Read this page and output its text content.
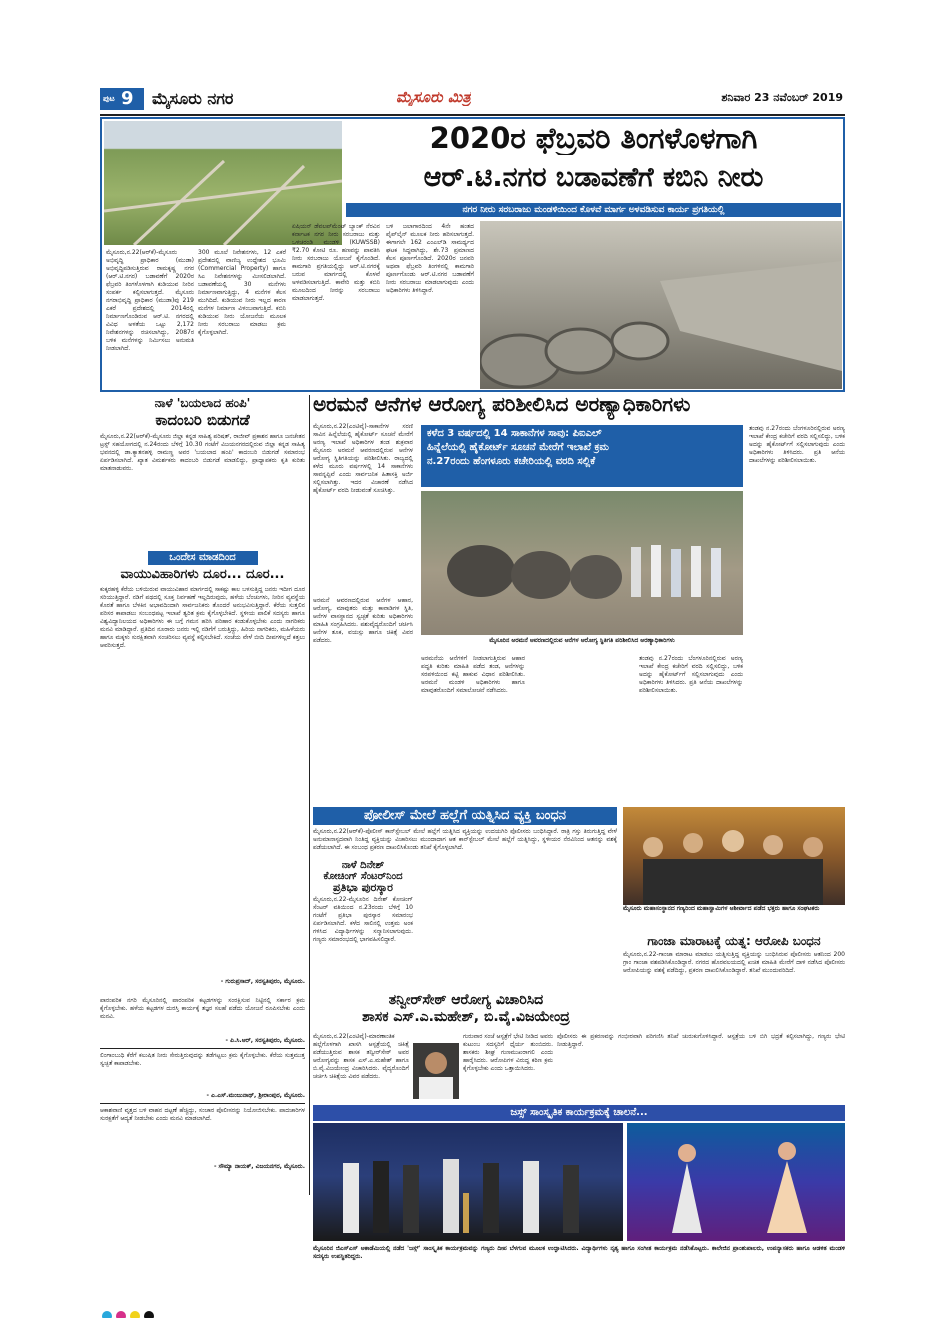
ಪುಟ 9 ಮೈಸೂರು ನಗರ	ಮೈಸೂರು ಮಿತ್ರ	ಶನಿವಾರ 23 ನವೆಂಬರ್ 2019
2020ರ ಫೆಬ್ರವರಿ ತಿಂಗಳೊಳಗಾಗಿ
ಆರ್.ಟಿ.ನಗರ ಬಡಾವಣೆಗೆ ಕಬಿನಿ ನೀರು
ನಗರ ನೀರು ಸರಬರಾಜು ಮಂಡಳಿಯಿಂದ ಕೊಳವೆ ಮಾರ್ಗ ಅಳವಡಿಸುವ ಕಾರ್ಯ ಪ್ರಗತಿಯಲ್ಲಿ
ಮೈಸೂರು,ನ.22(ಆರ್‌ಕೆ)-ಮೈಸೂರು ಅಭಿವೃದ್ಧಿ ಪ್ರಾಧಿಕಾರ (ಮುಡಾ) ಅಭಿವೃದ್ಧಿಪಡಿಸುತ್ತಿರುವ ರಾಮಕೃಷ್ಣ ನಗರ (ಆರ್.ಟಿ.ನಗರ) ಬಡಾವಣೆಗೆ 2020ರ ಫೆಬ್ರವರಿ ತಿಂಗಳೊಳಗಾಗಿ ಕುಡಿಯುವ ನೀರಿನ ಸಂಪರ್ಕ ಕಲ್ಪಿಸಲಾಗುತ್ತದೆ. ಮೈಸೂರು ನಗರಾಭಿವೃದ್ಧಿ ಪ್ರಾಧಿಕಾರ (ಮುಡಾ)ವು 219 ಎಕರೆ ಪ್ರದೇಶದಲ್ಲಿ 2014ರಲ್ಲಿ ನಿರ್ಮಾಣಗೊಂಡಿರುವ ಆರ್.ಟಿ. ನಗರದಲ್ಲಿ ವಿವಿಧ ಅಳತೆಯ ಒಟ್ಟು 2,172 ನಿವೇಶನಗಳನ್ನು ರಚಿಸಲಾಗಿದ್ದು, 2087ರ ಬಳಿಕ ಮನೆಗಳನ್ನು ನಿರ್ಮಿಸಲು ಅನುಮತಿ ನೀಡಲಾಗಿದೆ.
300 ಮೂಲೆ ನಿವೇಶನಗಳು, 12 ಎಕರೆ ಪ್ರದೇಶದಲ್ಲಿ ವಾಣಿಜ್ಯ ಉದ್ದೇಶದ ಭೂಮಿ (Commercial Property) ಹಾಗೂ ಸಿಎ ನಿವೇಶನಗಳನ್ನು ಮೀಸಲಿಡಲಾಗಿದೆ. ಬಡಾವಣೆಯಲ್ಲಿ 30 ಮನೆಗಳು ನಿರ್ಮಾಣವಾಗುತ್ತಿದ್ದು, 4 ಮನೆಗಳ ಕೆಲಸ ಮುಗಿದಿದೆ. ಕುಡಿಯುವ ನೀರು ಇಲ್ಲದ ಕಾರಣ ಮನೆಗಳ ನಿರ್ಮಾಣ ವಿಳಂಬವಾಗುತ್ತಿದೆ. ಕಬಿನಿ ಕುಡಿಯುವ ನೀರು ಯೋಜನೆಯ ಮೂಲಕ ನೀರು ಸರಬರಾಜು ಮಾಡಲು ಕ್ರಮ ಕೈಗೊಳ್ಳಲಾಗಿದೆ.
ಏಷಿಯನ್ ಡೆವಲಪ್‌ಮೆಂಟ್ ಬ್ಯಾಂಕ್ ನೆರವಿನ ಕರ್ನಾಟಕ ನಗರ ನೀರು ಸರಬರಾಜು ಮತ್ತು ಒಳಚರಂಡಿ ಮಂಡಳಿ (KUWSSB) ₹2.70 ಕೋಟಿ ರೂ. ಹಣವನ್ನು ಪಾವತಿಸಿ ನೀರು ಸರಬರಾಜು ಯೋಜನೆ ಕೈಗೊಂಡಿದೆ. ಕಾಮಗಾರಿ ಪ್ರಗತಿಯಲ್ಲಿದ್ದು ಆರ್.ಟಿ.ನಗರಕ್ಕೆ ಬರುವ ಮಾರ್ಗದಲ್ಲಿ ಕೊಳವೆ ಅಳವಡಿಸಲಾಗುತ್ತಿದೆ. ಕಾವೇರಿ ಮತ್ತು ಕಬಿನಿ ಮೂಲದಿಂದ ನೀರನ್ನು ಸರಬರಾಜು ಮಾಡಲಾಗುತ್ತದೆ.
ಬಳಿ ಜಲಾಗಾರದಿಂದ 4ನೇ ಹಂತದ ಪೈಪ್‌ಲೈನ್ ಮೂಲಕ ನೀರು ಹರಿಸಲಾಗುತ್ತದೆ. ಈಗಾಗಲೇ 162 ಎಂಎಲ್‌ಡಿ ಸಾಮರ್ಥ್ಯದ ಘಟಕ ಸಿದ್ಧವಾಗಿದ್ದು, ಶೇ.73 ಪ್ರಮಾಣದ ಕೆಲಸ ಪೂರ್ಣಗೊಂಡಿದೆ. 2020ರ ಜನವರಿ ಅಥವಾ ಫೆಬ್ರವರಿ ತಿಂಗಳಿನಲ್ಲಿ ಕಾಮಗಾರಿ ಪೂರ್ಣಗೊಂಡು ಆರ್.ಟಿ.ನಗರ ಬಡಾವಣೆಗೆ ನೀರು ಸರಬರಾಜು ಮಾಡಲಾಗುವುದು ಎಂದು ಅಧಿಕಾರಿಗಳು ತಿಳಿಸಿದ್ದಾರೆ.
ನಾಳೆ 'ಬಯಲಾದ ಹಂಪಿ'
ಕಾದಂಬರಿ ಬಿಡುಗಡೆ
ಮೈಸೂರು,ನ.22(ಆರ್‌ಕೆ)-ಮೈಸೂರು ಜಿಲ್ಲಾ ಕನ್ನಡ ಸಾಹಿತ್ಯ ಪರಿಷತ್, ರಾಜೀವ್ ಪ್ರಕಾಶನ ಹಾಗೂ ಜನಚೇತನ ಟ್ರಸ್ಟ್ ಸಹಯೋಗದಲ್ಲಿ ನ.24ರಂದು ಬೆಳಿಗ್ಗೆ 10.30 ಗಂಟೆಗೆ ವಿಜಯನಗರದಲ್ಲಿರುವ ಜಿಲ್ಲಾ ಕನ್ನಡ ಸಾಹಿತ್ಯ ಭವನದಲ್ಲಿ ಡಾ.ಕ್ಯಾತನಹಳ್ಳಿ ರಾಮಣ್ಣ ಅವರ 'ಬಯಲಾದ ಹಂಪಿ' ಕಾದಂಬರಿ ಬಿಡುಗಡೆ ಸಮಾರಂಭ ಏರ್ಪಡಿಸಲಾಗಿದೆ. ಖ್ಯಾತ ವಿಮರ್ಶಕರು ಕಾದಂಬರಿ ಬಿಡುಗಡೆ ಮಾಡಲಿದ್ದು, ಪ್ರಾಧ್ಯಾಪಕರು ಕೃತಿ ಕುರಿತು ಮಾತನಾಡುವರು.
ಒಂದೇಸ ಮಾಡದಿಂದ
ವಾಯುವಿಹಾರಿಗಳು ದೂರ... ದೂರ...
ಕುಕ್ಕರಹಳ್ಳಿ ಕೆರೆಯ ಬಳಿಯಿರುವ ವಾಯುವಿಹಾರ ಮಾರ್ಗದಲ್ಲಿ ಸಾಕಷ್ಟು ಕಾಲ ಬಳಸುತ್ತಿದ್ದ ಜನರು ಇದೀಗ ದೂರ ಸರಿಯುತ್ತಿದ್ದಾರೆ. ನಡಿಗೆ ಪಥದಲ್ಲಿ ಸೂಕ್ತ ನಿರ್ವಹಣೆ ಇಲ್ಲದಿರುವುದು, ಹಳೆಯ ಬೆಂಚುಗಳು, ನೀರಿನ ವ್ಯವಸ್ಥೆಯ ಕೊರತೆ ಹಾಗೂ ಬೆಳಕಿನ ಅಭಾವದಿಂದಾಗಿ ಸಾರ್ವಜನಿಕರು ತೊಂದರೆ ಅನುಭವಿಸುತ್ತಿದ್ದಾರೆ. ಕೆರೆಯ ಸುತ್ತಲಿನ ಪರಿಸರ ಕಾಪಾಡಲು ಸಂಬಂಧಪಟ್ಟ ಇಲಾಖೆ ತ್ವರಿತ ಕ್ರಮ ಕೈಗೊಳ್ಳಬೇಕಿದೆ. ಸ್ಥಳೀಯ ಪಾಲಿಕೆ ಸದಸ್ಯರು ಹಾಗೂ ವಿಶ್ವವಿದ್ಯಾನಿಲಯದ ಅಧಿಕಾರಿಗಳು ಈ ಬಗ್ಗೆ ಗಮನ ಹರಿಸಿ ಪರಿಹಾರ ಕಂಡುಕೊಳ್ಳಬೇಕು ಎಂದು ನಾಗರಿಕರು ಮನವಿ ಮಾಡಿದ್ದಾರೆ. ಪ್ರತಿದಿನ ನೂರಾರು ಜನರು ಇಲ್ಲಿ ನಡಿಗೆಗೆ ಬರುತ್ತಿದ್ದು, ಹಿರಿಯ ನಾಗರಿಕರು, ಮಹಿಳೆಯರು ಹಾಗೂ ಮಕ್ಕಳು ಸುರಕ್ಷಿತವಾಗಿ ಸಂಚರಿಸಲು ವ್ಯವಸ್ಥೆ ಕಲ್ಪಿಸಬೇಕಿದೆ. ಸಂಜೆಯ ವೇಳೆ ಬೀದಿ ದೀಪಗಳಿಲ್ಲದೆ ಕತ್ತಲು ಆವರಿಸುತ್ತದೆ.
- ಗುರುಪ್ರಸಾದ್, ಸರಸ್ವತಿಪುರಂ, ಮೈಸೂರು.
ಪಾರಂಪರಿಕ ನಗರಿ ಮೈಸೂರಿನಲ್ಲಿ ಪಾರಂಪರಿಕ ಕಟ್ಟಡಗಳನ್ನು ಸಂರಕ್ಷಿಸುವ ನಿಟ್ಟಿನಲ್ಲಿ ಸರ್ಕಾರ ಕ್ರಮ ಕೈಗೊಳ್ಳಬೇಕು. ಹಳೆಯ ಕಟ್ಟಡಗಳ ದುರಸ್ತಿ ಕಾರ್ಯಕ್ಕೆ ತಜ್ಞರ ಸಲಹೆ ಪಡೆದು ಯೋಜನೆ ರೂಪಿಸಬೇಕು ಎಂದು ಮನವಿ.
- ಪಿ.ಸಿ.ಆರ್, ಸರಸ್ವತಿಪುರಂ, ಮೈಸೂರು.
ಲಿಂಗಾಂಬುಧಿ ಕೆರೆಗೆ ಕಲುಷಿತ ನೀರು ಸೇರುತ್ತಿರುವುದನ್ನು ತಡೆಗಟ್ಟಲು ಕ್ರಮ ಕೈಗೊಳ್ಳಬೇಕು. ಕೆರೆಯ ಸುತ್ತಮುತ್ತ ಸ್ವಚ್ಛತೆ ಕಾಪಾಡಬೇಕು.
- ಎ.ಎಸ್.ಮಂಜುನಾಥ್, ಶ್ರೀರಾಂಪುರ, ಮೈಸೂರು.
ಆಕಾಶವಾಣಿ ವೃತ್ತದ ಬಳಿ ವಾಹನ ದಟ್ಟಣೆ ಹೆಚ್ಚಿದ್ದು, ಸಂಚಾರ ಪೊಲೀಸರನ್ನು ನಿಯೋಜಿಸಬೇಕು. ಪಾದಚಾರಿಗಳ ಸುರಕ್ಷತೆಗೆ ಆದ್ಯತೆ ನೀಡಬೇಕು ಎಂದು ಮನವಿ ಮಾಡಲಾಗಿದೆ.
- ಸೌಮ್ಯಾ ನಾಯಕ್, ವಿಜಯನಗರ, ಮೈಸೂರು.
ಅರಮನೆ ಆನೆಗಳ ಆರೋಗ್ಯ ಪರಿಶೀಲಿಸಿದ ಅರಣ್ಯಾಧಿಕಾರಿಗಳು
ಮೈಸೂರು,ನ.22(ಎಂಟಿವೈ)-ಸಾಕಾನೆಗಳ ಸರಣಿ ಸಾವಿನ ಹಿನ್ನೆಲೆಯಲ್ಲಿ ಹೈಕೋರ್ಟ್ ಸೂಚನೆ ಮೇರೆಗೆ ಅರಣ್ಯ ಇಲಾಖೆ ಅಧಿಕಾರಿಗಳ ತಂಡ ಶುಕ್ರವಾರ ಮೈಸೂರು ಅರಮನೆ ಆವರಣದಲ್ಲಿರುವ ಆನೆಗಳ ಆರೋಗ್ಯ ಸ್ಥಿತಿಗತಿಯನ್ನು ಪರಿಶೀಲಿಸಿತು. ರಾಜ್ಯದಲ್ಲಿ ಕಳೆದ ಮೂರು ವರ್ಷಗಳಲ್ಲಿ 14 ಸಾಕಾನೆಗಳು ಸಾವನ್ನಪ್ಪಿವೆ ಎಂದು ಸಾರ್ವಜನಿಕ ಹಿತಾಸಕ್ತಿ ಅರ್ಜಿ ಸಲ್ಲಿಸಲಾಗಿತ್ತು. ಇದರ ವಿಚಾರಣೆ ನಡೆಸಿದ ಹೈಕೋರ್ಟ್ ವರದಿ ನೀಡುವಂತೆ ಸೂಚಿಸಿತ್ತು.
ಕಳೆದ 3 ವರ್ಷದಲ್ಲಿ 14 ಸಾಕಾನೆಗಳ ಸಾವು: ಪಿಐಎಲ್
ಹಿನ್ನೆಲೆಯಲ್ಲಿ ಹೈಕೋರ್ಟ್ ಸೂಚನೆ ಮೇರೆಗೆ ಇಲಾಖೆ ಕ್ರಮ
ನ.27ರಂದು ಹೆಂಗಳೂರು ಕಚೇರಿಯಲ್ಲಿ ವರದಿ ಸಲ್ಲಿಕೆ
ಮೈಸೂರಿನ ಅರಮನೆ ಆವರಣದಲ್ಲಿರುವ ಆನೆಗಳ ಆರೋಗ್ಯ ಸ್ಥಿತಿಗತಿ ಪರಿಶೀಲಿಸಿದ ಅರಣ್ಯಾಧಿಕಾರಿಗಳು
ಅರಮನೆ ಆವರಣದಲ್ಲಿರುವ ಆನೆಗಳ ಆಹಾರ, ಆರೋಗ್ಯ, ಮಾವುತರು ಮತ್ತು ಕಾವಾಡಿಗಳ ಸ್ಥಿತಿ, ಆನೆಗಳ ವಾಸಸ್ಥಾನದ ಸ್ವಚ್ಛತೆ ಕುರಿತು ಅಧಿಕಾರಿಗಳು ಮಾಹಿತಿ ಸಂಗ್ರಹಿಸಿದರು. ಪಶುವೈದ್ಯರೊಂದಿಗೆ ಚರ್ಚಿಸಿ ಆನೆಗಳ ತೂಕ, ವಯಸ್ಸು ಹಾಗೂ ಚಿಕಿತ್ಸೆ ವಿವರ ಪಡೆದರು.
ಅರಮನೆಯ ಆನೆಗಳಿಗೆ ನೀಡಲಾಗುತ್ತಿರುವ ಆಹಾರ ಪದ್ಧತಿ ಕುರಿತು ಮಾಹಿತಿ ಪಡೆದ ತಂಡ, ಆನೆಗಳನ್ನು ಸರಪಳಿಯಿಂದ ಕಟ್ಟಿ ಹಾಕುವ ವಿಧಾನ ಪರಿಶೀಲಿಸಿತು. ಅರಮನೆ ಮಂಡಳಿ ಅಧಿಕಾರಿಗಳು ಹಾಗೂ ಮಾವುತರೊಂದಿಗೆ ಸಮಾಲೋಚನೆ ನಡೆಸಿದರು.
ತಂಡವು ನ.27ರಂದು ಬೆಂಗಳೂರಿನಲ್ಲಿರುವ ಅರಣ್ಯ ಇಲಾಖೆ ಕೇಂದ್ರ ಕಚೇರಿಗೆ ವರದಿ ಸಲ್ಲಿಸಲಿದ್ದು, ಬಳಿಕ ಅದನ್ನು ಹೈಕೋರ್ಟ್‌ಗೆ ಸಲ್ಲಿಸಲಾಗುವುದು ಎಂದು ಅಧಿಕಾರಿಗಳು ತಿಳಿಸಿದರು. ಪ್ರತಿ ಆನೆಯ ದಾಖಲೆಗಳನ್ನು ಪರಿಶೀಲಿಸಲಾಯಿತು.
ತಂಡವು ನ.27ರಂದು ಬೆಂಗಳೂರಿನಲ್ಲಿರುವ ಅರಣ್ಯ ಇಲಾಖೆ ಕೇಂದ್ರ ಕಚೇರಿಗೆ ವರದಿ ಸಲ್ಲಿಸಲಿದ್ದು, ಬಳಿಕ ಅದನ್ನು ಹೈಕೋರ್ಟ್‌ಗೆ ಸಲ್ಲಿಸಲಾಗುವುದು ಎಂದು ಅಧಿಕಾರಿಗಳು ತಿಳಿಸಿದರು. ಪ್ರತಿ ಆನೆಯ ದಾಖಲೆಗಳನ್ನು ಪರಿಶೀಲಿಸಲಾಯಿತು.
ಪೋಲೀಸ್ ಮೇಲೆ ಹಲ್ಲೆಗೆ ಯತ್ನಿಸಿದ ವ್ಯಕ್ತಿ ಬಂಧನ
ಮೈಸೂರು,ನ.22(ಆರ್‌ಕೆ)-ಪೊಲೀಸ್ ಕಾನ್‌ಸ್ಟೇಬಲ್ ಮೇಲೆ ಹಲ್ಲೆಗೆ ಯತ್ನಿಸಿದ ವ್ಯಕ್ತಿಯನ್ನು ಉದಯಗಿರಿ ಪೊಲೀಸರು ಬಂಧಿಸಿದ್ದಾರೆ. ರಾತ್ರಿ ಗಸ್ತು ತಿರುಗುತ್ತಿದ್ದ ವೇಳೆ ಅನುಮಾನಾಸ್ಪದವಾಗಿ ನಿಂತಿದ್ದ ವ್ಯಕ್ತಿಯನ್ನು ವಿಚಾರಿಸಲು ಮುಂದಾದಾಗ ಆತ ಕಾನ್‌ಸ್ಟೇಬಲ್ ಮೇಲೆ ಹಲ್ಲೆಗೆ ಯತ್ನಿಸಿದ್ದು, ಸ್ಥಳೀಯರ ನೆರವಿನಿಂದ ಆತನನ್ನು ವಶಕ್ಕೆ ಪಡೆಯಲಾಗಿದೆ. ಈ ಸಂಬಂಧ ಪ್ರಕರಣ ದಾಖಲಿಸಿಕೊಂಡು ತನಿಖೆ ಕೈಗೊಳ್ಳಲಾಗಿದೆ.
ನಾಳೆ ದಿನೇಶ್
ಕೋಚಿಂಗ್ ಸೆಂಟರ್‌ನಿಂದ
ಪ್ರತಿಭಾ ಪುರಸ್ಕಾರ
ಮೈಸೂರು,ನ.22-ಮೈಸೂರಿನ ದಿನೇಶ್ ಕೋಚಿಂಗ್ ಸೆಂಟರ್ ವತಿಯಿಂದ ನ.23ರಂದು ಬೆಳಿಗ್ಗೆ 10 ಗಂಟೆಗೆ ಪ್ರತಿಭಾ ಪುರಸ್ಕಾರ ಸಮಾರಂಭ ಏರ್ಪಡಿಸಲಾಗಿದೆ. ಕಳೆದ ಸಾಲಿನಲ್ಲಿ ಉತ್ತಮ ಅಂಕ ಗಳಿಸಿದ ವಿದ್ಯಾರ್ಥಿಗಳನ್ನು ಸನ್ಮಾನಿಸಲಾಗುವುದು. ಗಣ್ಯರು ಸಮಾರಂಭದಲ್ಲಿ ಭಾಗವಹಿಸಲಿದ್ದಾರೆ.
ಮೈಸೂರು ಮಹಾಸಂಸ್ಥಾನದ ಗಣ್ಯರಿಂದ ಮಹಾಸ್ವಾಮಿಗಳ ಆಶೀರ್ವಾದ ಪಡೆದ ಭಕ್ತರು ಹಾಗೂ ಸಂಘಟಕರು
ಗಾಂಜಾ ಮಾರಾಟಕ್ಕೆ ಯತ್ನ: ಆರೋಪಿ ಬಂಧನ
ಮೈಸೂರು,ನ.22-ಗಾಂಜಾ ಮಾರಾಟ ಮಾಡಲು ಯತ್ನಿಸುತ್ತಿದ್ದ ವ್ಯಕ್ತಿಯನ್ನು ಬಂಧಿಸಿರುವ ಪೊಲೀಸರು ಆತನಿಂದ 200 ಗ್ರಾಂ ಗಾಂಜಾ ವಶಪಡಿಸಿಕೊಂಡಿದ್ದಾರೆ. ನಗರದ ಹೊರವಲಯದಲ್ಲಿ ಖಚಿತ ಮಾಹಿತಿ ಮೇರೆಗೆ ದಾಳಿ ನಡೆಸಿದ ಪೊಲೀಸರು ಆರೋಪಿಯನ್ನು ವಶಕ್ಕೆ ಪಡೆದಿದ್ದು, ಪ್ರಕರಣ ದಾಖಲಿಸಿಕೊಂಡಿದ್ದಾರೆ. ತನಿಖೆ ಮುಂದುವರಿದಿದೆ.
ತನ್ವೀರ್‌ಸೇಠ್ ಆರೋಗ್ಯ ವಿಚಾರಿಸಿದ
ಶಾಸಕ ಎಸ್.ಎ.ಮಹೇಶ್, ಬಿ.ವೈ.ವಿಜಯೇಂದ್ರ
ಮೈಸೂರು,ನ.22(ಎಂಟಿವೈ)-ಮಾರಣಾಂತಿಕ ಹಲ್ಲೆಗೊಳಗಾಗಿ ಖಾಸಗಿ ಆಸ್ಪತ್ರೆಯಲ್ಲಿ ಚಿಕಿತ್ಸೆ ಪಡೆಯುತ್ತಿರುವ ಶಾಸಕ ತನ್ವೀರ್‌ಸೇಠ್ ಅವರ ಆರೋಗ್ಯವನ್ನು ಶಾಸಕ ಎಸ್.ಎ.ಮಹೇಶ್ ಹಾಗೂ ಬಿ.ವೈ.ವಿಜಯೇಂದ್ರ ವಿಚಾರಿಸಿದರು. ವೈದ್ಯರೊಂದಿಗೆ ಚರ್ಚಿಸಿ ಚಿಕಿತ್ಸೆಯ ವಿವರ ಪಡೆದರು.
ಗುರುವಾರ ಸಂಜೆ ಆಸ್ಪತ್ರೆಗೆ ಭೇಟಿ ನೀಡಿದ ಅವರು ಕುಟುಂಬ ಸದಸ್ಯರಿಗೆ ಧೈರ್ಯ ತುಂಬಿದರು. ಶಾಸಕರು ಶೀಘ್ರ ಗುಣಮುಖರಾಗಲಿ ಎಂದು ಹಾರೈಸಿದರು. ಆರೋಪಿಗಳ ವಿರುದ್ಧ ಕಠಿಣ ಕ್ರಮ ಕೈಗೊಳ್ಳಬೇಕು ಎಂದು ಒತ್ತಾಯಿಸಿದರು.
ಪೊಲೀಸರು ಈ ಪ್ರಕರಣವನ್ನು ಗಂಭೀರವಾಗಿ ಪರಿಗಣಿಸಿ ತನಿಖೆ ಚುರುಕುಗೊಳಿಸಿದ್ದಾರೆ. ಆಸ್ಪತ್ರೆಯ ಬಳಿ ಬಿಗಿ ಭದ್ರತೆ ಕಲ್ಪಿಸಲಾಗಿದ್ದು, ಗಣ್ಯರು ಭೇಟಿ ನೀಡುತ್ತಿದ್ದಾರೆ.
ಜಸ್ಸ್ ಸಾಂಸ್ಕೃತಿಕ ಕಾರ್ಯಕ್ರಮಕ್ಕೆ ಚಾಲನೆ...
ಮೈಸೂರಿನ ಜಿಎಸ್‌ಎಸ್ ಅಕಾಡೆಮಿಯಲ್ಲಿ ನಡೆದ 'ಜಸ್ಸ್' ಸಾಂಸ್ಕೃತಿಕ ಕಾರ್ಯಕ್ರಮವನ್ನು ಗಣ್ಯರು ದೀಪ ಬೆಳಗುವ ಮೂಲಕ ಉದ್ಘಾಟಿಸಿದರು. ವಿದ್ಯಾರ್ಥಿಗಳು ನೃತ್ಯ ಹಾಗೂ ಸಂಗೀತ ಕಾರ್ಯಕ್ರಮ ನಡೆಸಿಕೊಟ್ಟರು. ಕಾಲೇಜಿನ ಪ್ರಾಂಶುಪಾಲರು, ಉಪನ್ಯಾಸಕರು ಹಾಗೂ ಆಡಳಿತ ಮಂಡಳಿ ಸದಸ್ಯರು ಉಪಸ್ಥಿತರಿದ್ದರು.
